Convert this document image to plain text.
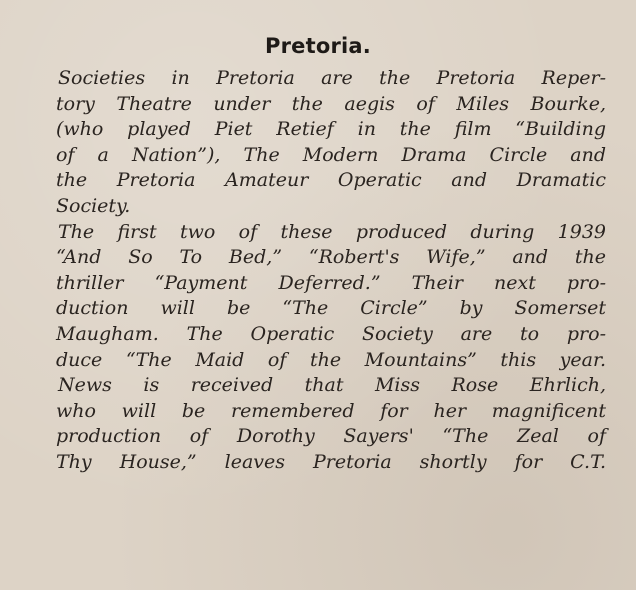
Pretoria.
Societies in Pretoria are the Pretoria Reper-
tory Theatre under the aegis of Miles Bourke,
(who played Piet Retief in the film “Building
of a Nation”), The Modern Drama Circle and
the Pretoria Amateur Operatic and Dramatic
Society.
The first two of these produced during 1939
“And So To Bed,” “Robert's Wife,” and the
thriller “Payment Deferred.” Their next pro-
duction will be “The Circle” by Somerset
Maugham. The Operatic Society are to pro-
duce “The Maid of the Mountains” this year.
News is received that Miss Rose Ehrlich,
who will be remembered for her magnificent
production of Dorothy Sayers' “The Zeal of
Thy House,” leaves Pretoria shortly for C.T.
